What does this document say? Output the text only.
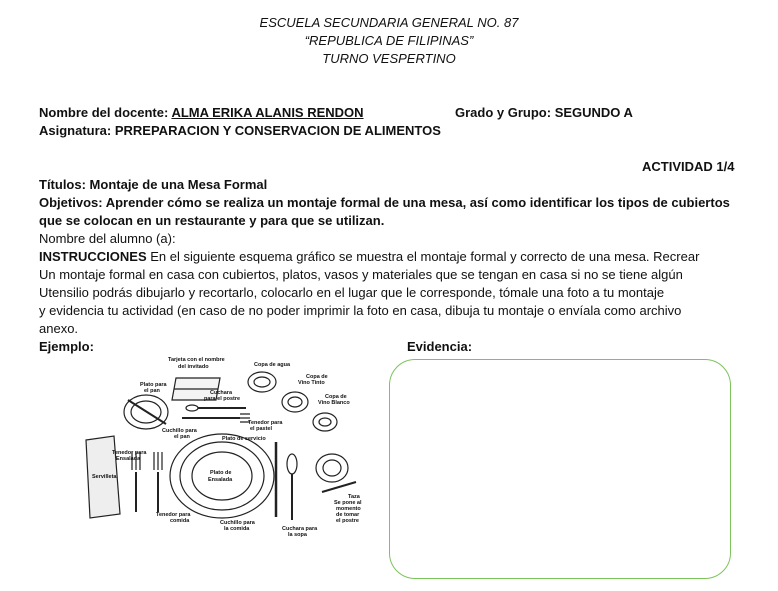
ESCUELA SECUNDARIA GENERAL NO. 87
“REPUBLICA DE FILIPINAS”
TURNO VESPERTINO
Nombre del docente: ALMA ERIKA ALANIS RENDON	Grado y Grupo: SEGUNDO A
Asignatura: PRREPARACION Y CONSERVACION DE ALIMENTOS
ACTIVIDAD 1/4
Títulos: Montaje de una Mesa Formal
Objetivos: Aprender cómo se realiza un montaje formal de una mesa, así como identificar los tipos de cubiertos
que se colocan en un restaurante y para que se utilizan.
Nombre del alumno (a):
INSTRUCCIONES En el siguiente esquema gráfico se muestra el montaje formal y correcto de una mesa. Recrear
Un montaje formal en casa con cubiertos, platos, vasos y materiales que se tengan en casa si no se tiene algún
Utensilio podrás dibujarlo y recortarlo, colocarlo en el lugar que le corresponde, tómale una foto a tu montaje
y evidencia tu actividad (en caso de no poder imprimir la foto en casa, dibuja tu montaje o envíala como archivo
anexo.
Ejemplo:	Evidencia:
Tarjeta con el nombre
del invitado
Plato para
el pan
Copa de agua
Copa de
Vino Tinto
Copa de
Vino Blanco
Cuchara
para el postre
Tenedor para
el pastel
Cuchillo para
el pan	Plato de servicio
Tenedor para
Ensalada
Servilleta
Plato de
Ensalada
Tenedor para
comida	Cuchillo para
la comida	Cuchara para
la sopa
Taza
Se pone al
momento
de tomar
el postre
